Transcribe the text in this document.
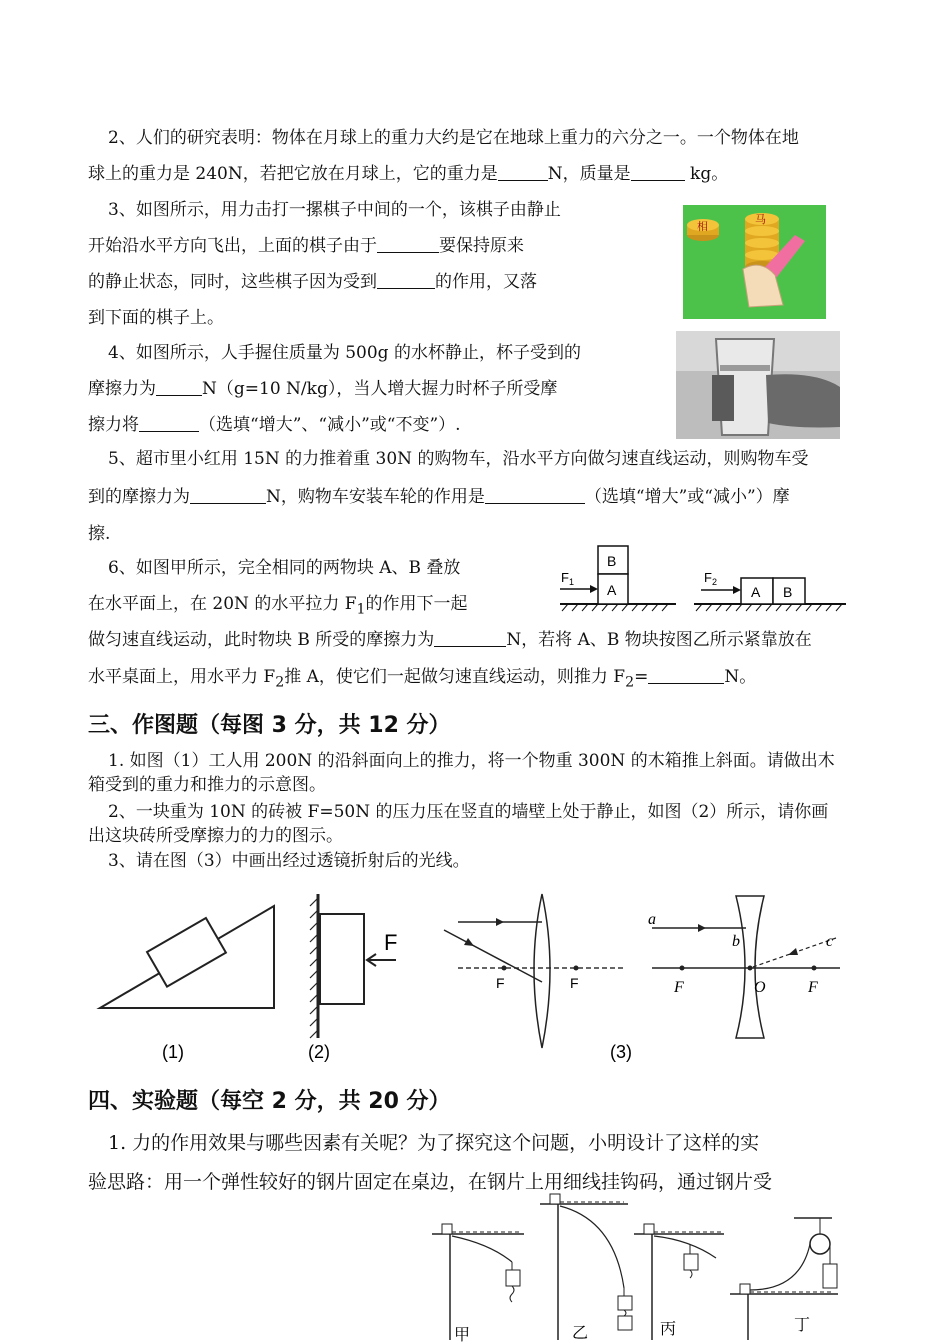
2、人们的研究表明：物体在月球上的重力大约是它在地球上重力的六分之一。一个物体在地
球上的重力是 240N，若把它放在月球上，它的重力是	N，质量是	kg。
3、如图所示，用力击打一摞棋子中间的一个，该棋子由静止
开始沿水平方向飞出，上面的棋子由于	要保持原来
的静止状态，同时，这些棋子因为受到	的作用，又落
到下面的棋子上。
相
马
4、如图所示，人手握住质量为 500g 的水杯静止，杯子受到的
摩擦力为	N（g=10 N/kg），当人增大握力时杯子所受摩
擦力将	（选填“增大”、“减小”或“不变”）.
5、超市里小红用 15N 的力推着重 30N 的购物车，沿水平方向做匀速直线运动，则购物车受
到的摩擦力为	N，购物车安装车轮的作用是	（选填“增大”或“减小”）摩
擦.
6、如图甲所示，完全相同的两物块 A、B 叠放
在水平面上，在 20N 的水平拉力 $F_1$的作用下一起
做匀速直线运动，此时物块 B 所受的摩擦力为	N，若将 A、B 物块按图乙所示紧靠放在
水平桌面上，用水平力 $F_2$推 A，使它们一起做匀速直线运动，则推力 $F_2=$	N。
B
A
$F_1$
A B
$F_2$
三、作图题（每图 3 分，共 12 分）
1. 如图（1）工人用 200N 的沿斜面向上的推力，将一个物重 300N 的木箱推上斜面。请做出木
箱受到的重力和推力的示意图。
2、一块重为 10N 的砖被 F=50N 的压力压在竖直的墙壁上处于静止，如图（2）所示，请你画
出这块砖所受摩擦力的力的图示。
3、请在图（3）中画出经过透镜折射后的光线。
(1)
F
(2)
F	F
a
b	c
F	O	F
(3)
四、实验题（每空 2 分，共 20 分）
1. 力的作用效果与哪些因素有关呢？为了探究这个问题，小明设计了这样的实
验思路：用一个弹性较好的钢片固定在桌边，在钢片上用细线挂钩码，通过钢片受
甲	乙	丙	丁
